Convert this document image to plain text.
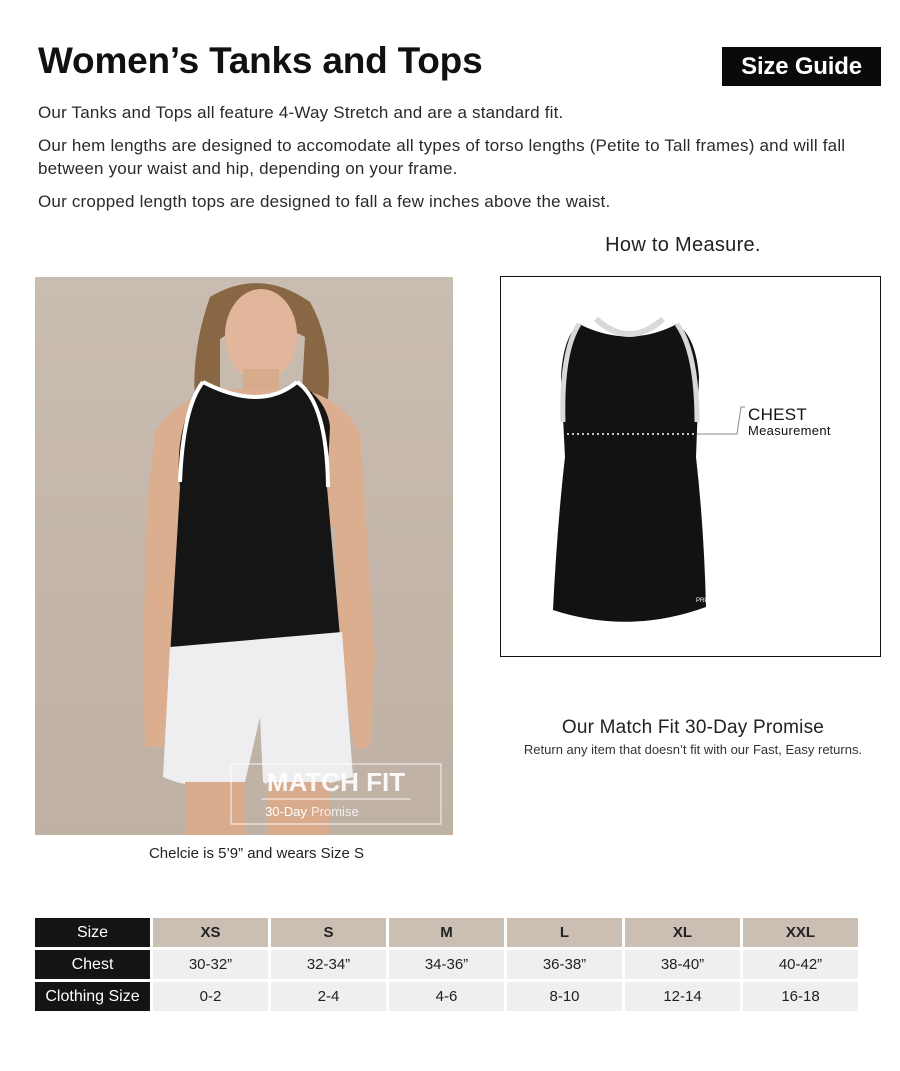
Women’s Tanks and Tops	Size Guide
Our Tanks and Tops all feature 4-Way Stretch and are a standard fit.
Our hem lengths are designed to accomodate all types of torso lengths (Petite to Tall frames) and will fall between your waist and hip, depending on your frame.
Our cropped length tops are designed to fall a few inches above the waist.
How to Measure.
MATCH FIT
30-Day Promise
Chelcie is 5’9” and wears Size S
PRP
CHEST
Measurement
Our Match Fit 30-Day Promise
Return any item that doesn’t fit with our Fast, Easy returns.
Size	XS	S	M	L	XL	XXL
Chest	30-32”	32-34”	34-36”	36-38”	38-40”	40-42”
Clothing Size	0-2	2-4	4-6	8-10	12-14	16-18
